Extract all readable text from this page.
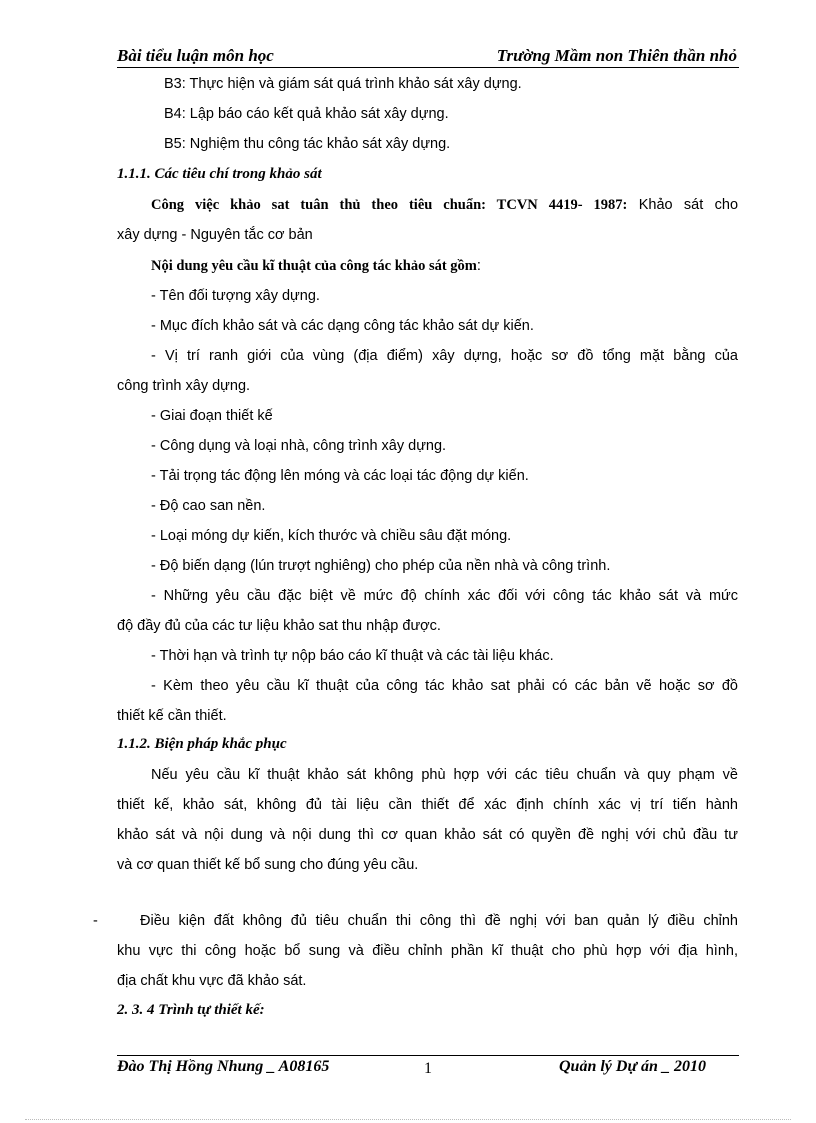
Bài tiểu luận môn học	Trường Mầm non Thiên thần nhỏ
B3: Thực hiện và giám sát quá trình khảo sát xây dựng.
B4: Lập báo cáo kết quả khảo sát xây dựng.
B5: Nghiệm thu công tác khảo sát xây dựng.
1.1.1. Các tiêu chí trong khảo sát
Công việc khảo sat tuân thủ theo tiêu chuẩn: TCVN 4419- 1987: Khảo sát cho
xây dựng - Nguyên tắc cơ bản
Nội dung yêu cầu kĩ thuật của công tác khảo sát gồm:
- Tên đối tượng xây dựng.
- Mục đích khảo sát và các dạng công tác khảo sát dự kiến.
- Vị trí ranh giới của vùng (địa điểm) xây dựng, hoặc sơ đồ tổng mặt bằng của
công trình xây dựng.
- Giai đoạn thiết kế
- Công dụng và loại nhà, công trình xây dựng.
- Tải trọng tác động lên móng và các loại tác động dự kiến.
- Độ cao san nền.
- Loại móng dự kiến, kích thước và chiều sâu đặt móng.
- Độ biến dạng (lún trượt nghiêng) cho phép của nền nhà và công trình.
- Những yêu cầu đặc biệt về mức độ chính xác đối với công tác khảo sát và mức
độ đầy đủ của các tư liệu khảo sat thu nhập được.
- Thời hạn và trình tự nộp báo cáo kĩ thuật và các tài liệu khác.
- Kèm theo yêu cầu kĩ thuật của công tác khảo sat phải có các bản vẽ hoặc sơ đồ
thiết kế cần thiết.
1.1.2. Biện pháp khắc phục
Nếu yêu cầu kĩ thuật khảo sát không phù hợp với các tiêu chuẩn và quy phạm về
thiết kế, khảo sát, không đủ tài liệu cần thiết để xác định chính xác vị trí tiến hành
khảo sát và nội dung và nội dung thì cơ quan khảo sát có quyền đề nghị với chủ đầu tư
và cơ quan thiết kế bổ sung cho đúng yêu cầu.
-	Điều kiện đất không đủ tiêu chuẩn thi công thì đề nghị với ban quản lý điều chỉnh
khu vực thi công hoặc bổ sung và điều chỉnh phần kĩ thuật cho phù hợp với địa hình,
địa chất khu vực đã khảo sát.
2. 3. 4 Trình tự thiết kế:
Đào Thị Hồng Nhung _ A08165	1	Quản lý Dự án _ 2010
